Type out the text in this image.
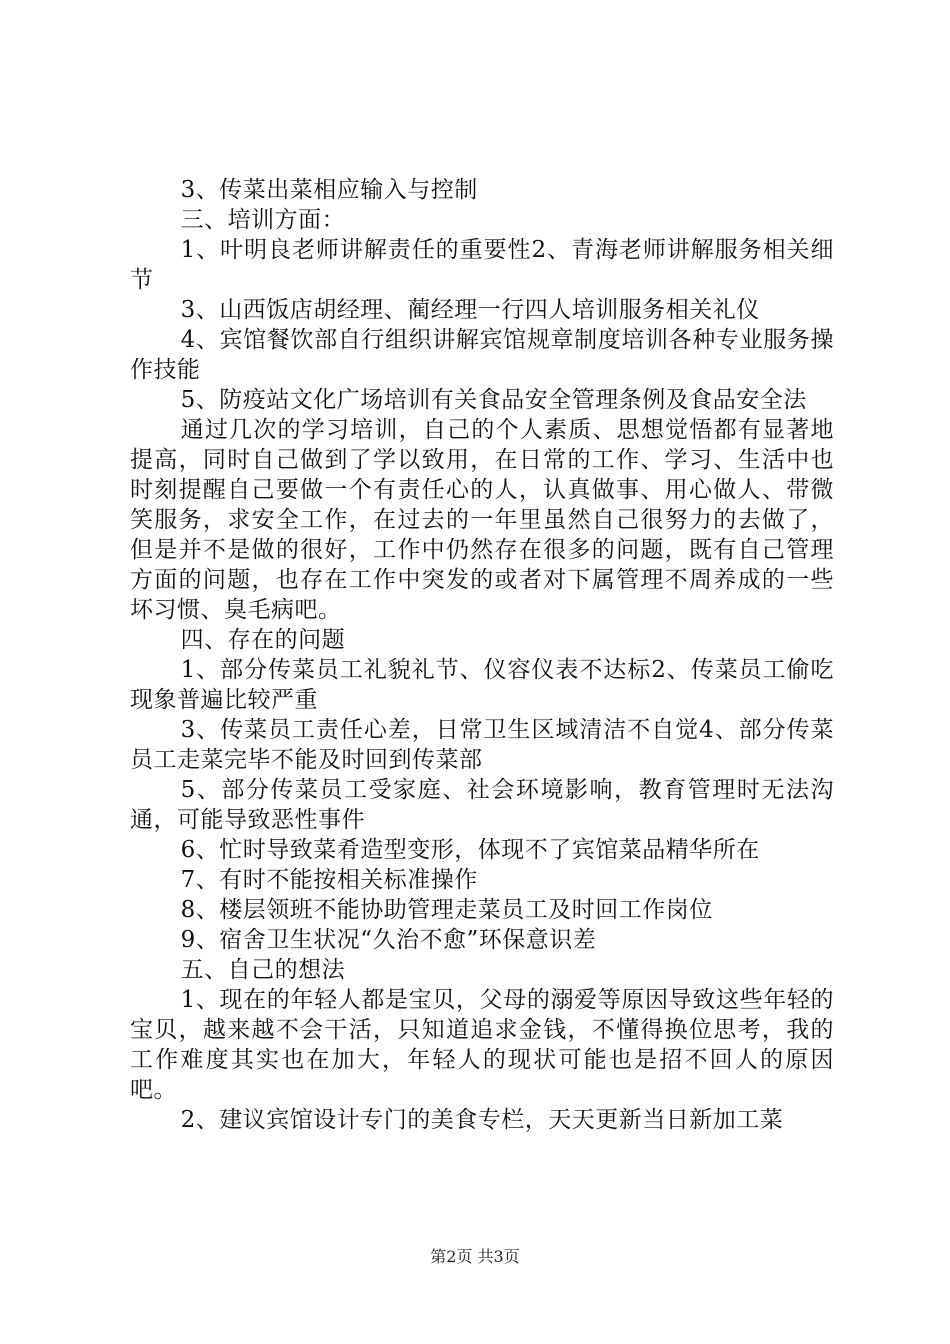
3、传菜出菜相应输入与控制

三、培训方面：

1、叶明良老师讲解责任的重要性2、青海老师讲解服务相关细节

3、山西饭店胡经理、蔺经理一行四人培训服务相关礼仪

4、宾馆餐饮部自行组织讲解宾馆规章制度培训各种专业服务操作技能

5、防疫站文化广场培训有关食品安全管理条例及食品安全法

通过几次的学习培训，自己的个人素质、思想觉悟都有显著地提高，同时自己做到了学以致用，在日常的工作、学习、生活中也时刻提醒自己要做一个有责任心的人，认真做事、用心做人、带微笑服务，求安全工作，在过去的一年里虽然自己很努力的去做了，但是并不是做的很好，工作中仍然存在很多的问题，既有自己管理方面的问题，也存在工作中突发的或者对下属管理不周养成的一些坏习惯、臭毛病吧。

四、存在的问题

1、部分传菜员工礼貌礼节、仪容仪表不达标2、传菜员工偷吃现象普遍比较严重

3、传菜员工责任心差，日常卫生区域清洁不自觉4、部分传菜员工走菜完毕不能及时回到传菜部

5、部分传菜员工受家庭、社会环境影响，教育管理时无法沟通，可能导致恶性事件

6、忙时导致菜肴造型变形，体现不了宾馆菜品精华所在

7、有时不能按相关标准操作

8、楼层领班不能协助管理走菜员工及时回工作岗位

9、宿舍卫生状况“久治不愈”环保意识差

五、自己的想法

1、现在的年轻人都是宝贝，父母的溺爱等原因导致这些年轻的宝贝，越来越不会干活，只知道追求金钱，不懂得换位思考，我的工作难度其实也在加大，年轻人的现状可能也是招不回人的原因吧。

2、建议宾馆设计专门的美食专栏，天天更新当日新加工菜

第2页 共3页
